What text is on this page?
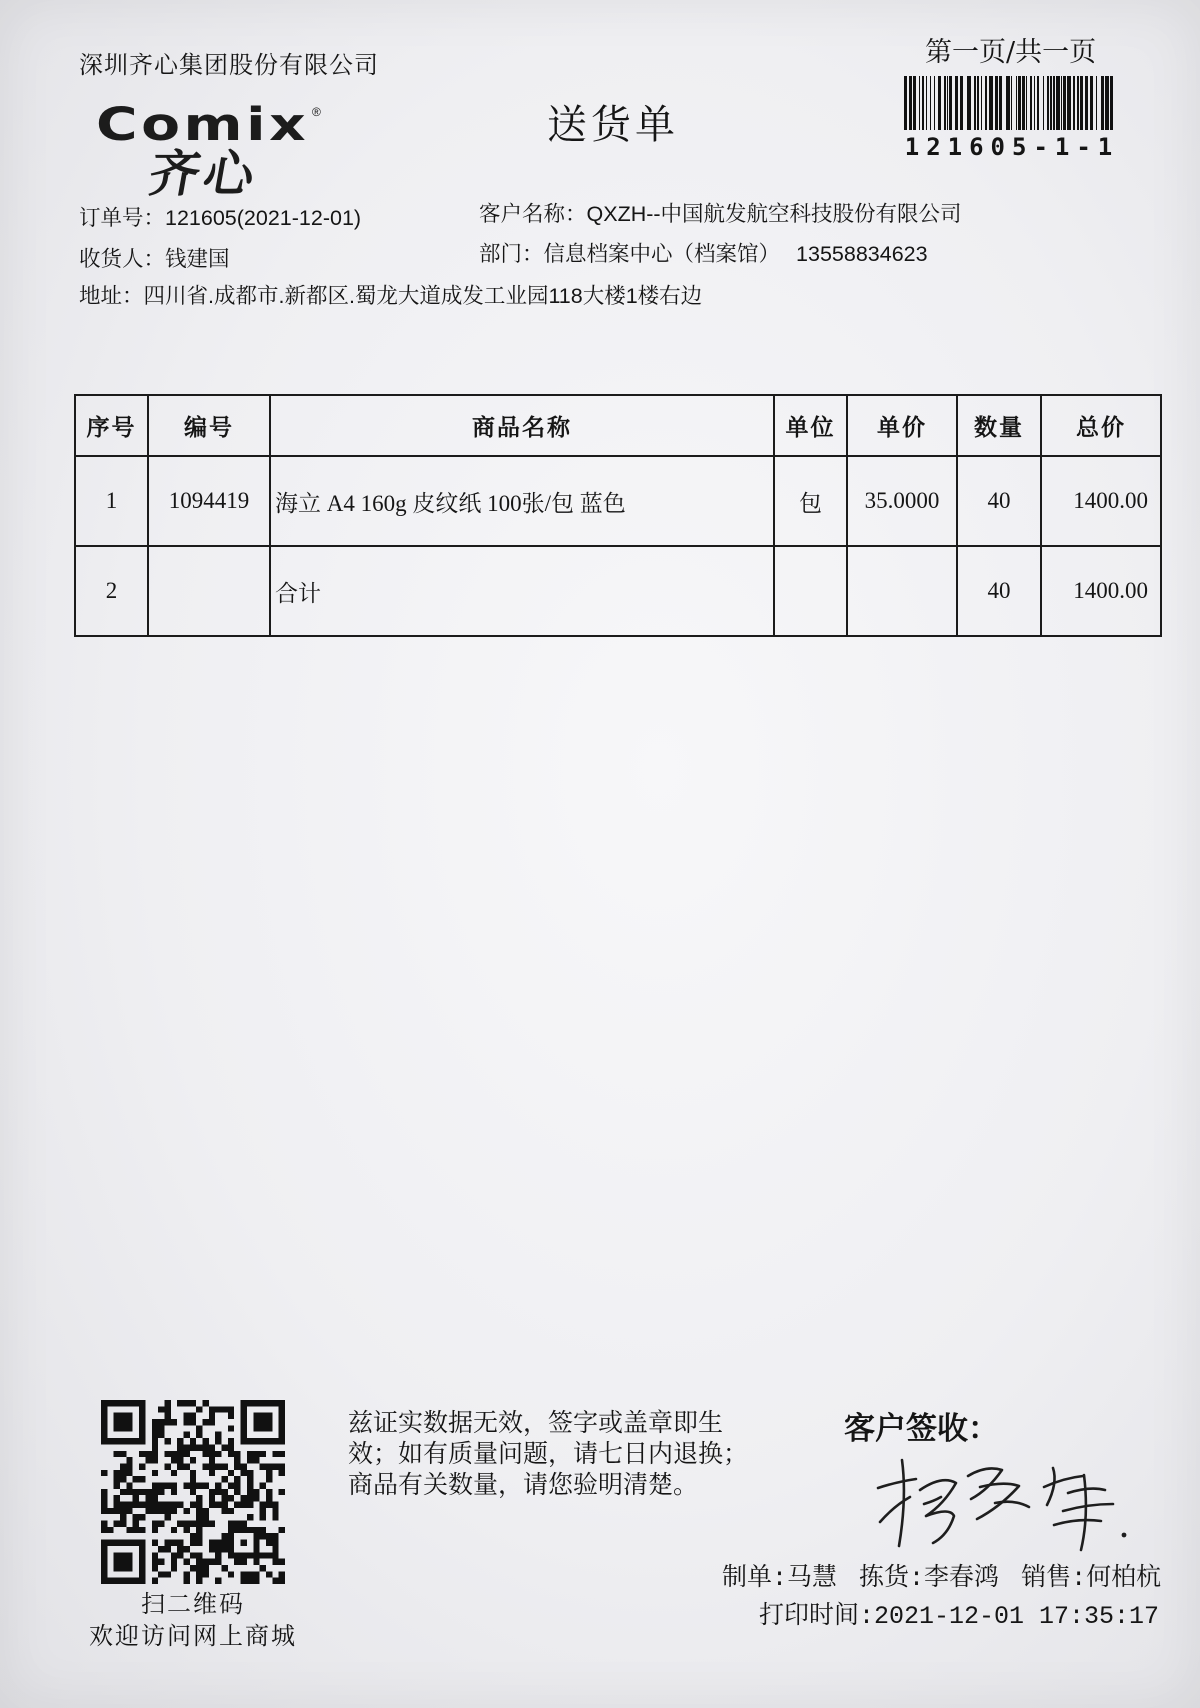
深圳齐心集团股份有限公司	第一页/共一页
121605-1-1
Comix ®
齐心
送货单
订单号：121605(2021-12-01)	客户名称：QXZH--中国航发航空科技股份有限公司
收货人：钱建国	部门：信息档案中心（档案馆） 13558834623
地址：四川省.成都市.新都区.蜀龙大道成发工业园118大楼1楼右边
序号	编号	商品名称	单位	单价	数量	总价
1	1094419	海立 A4 160g 皮纹纸 100张/包 蓝色	包	35.0000	40	1400.00
2		合计			40	1400.00
扫二维码
欢迎访问网上商城
兹证实数据无效，签字或盖章即生
效；如有质量问题，请七日内退换；
商品有关数量，请您验明清楚。
客户签收：
制单:马慧 拣货:李春鸿 销售:何柏杭
打印时间:2021-12-01 17:35:17
